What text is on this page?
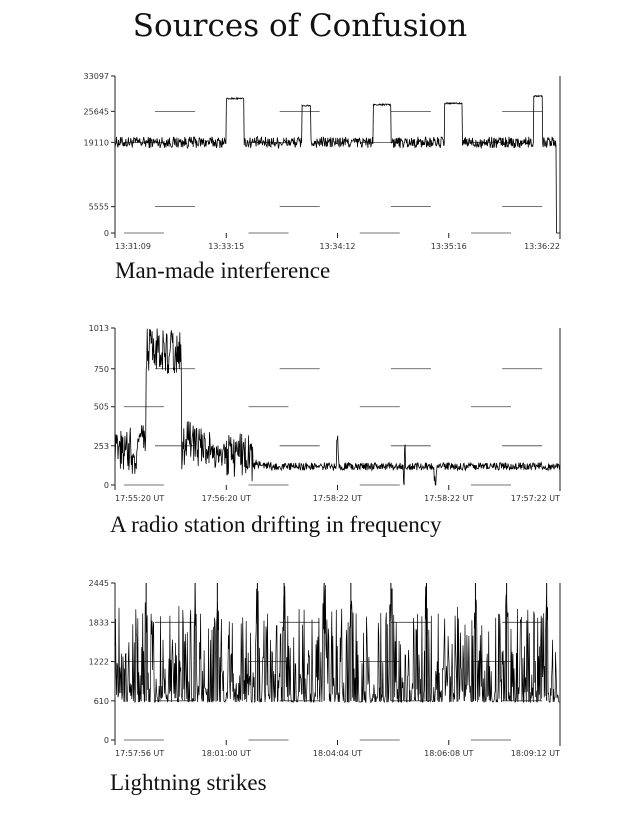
Sources of Confusion
33097
25645
19110
5555
0
13:31:09	13:33:15	13:34:12	13:35:16	13:36:22
Man-made interference
1013
750
505
253
0
17:55:20 UT	17:56:20 UT	17:58:22 UT	17:58:22 UT	17:57:22 UT
A radio station drifting in frequency
2445
1833
1222
610
0
17:57:56 UT	18:01:00 UT	18:04:04 UT	18:06:08 UT	18:09:12 UT
Lightning strikes
